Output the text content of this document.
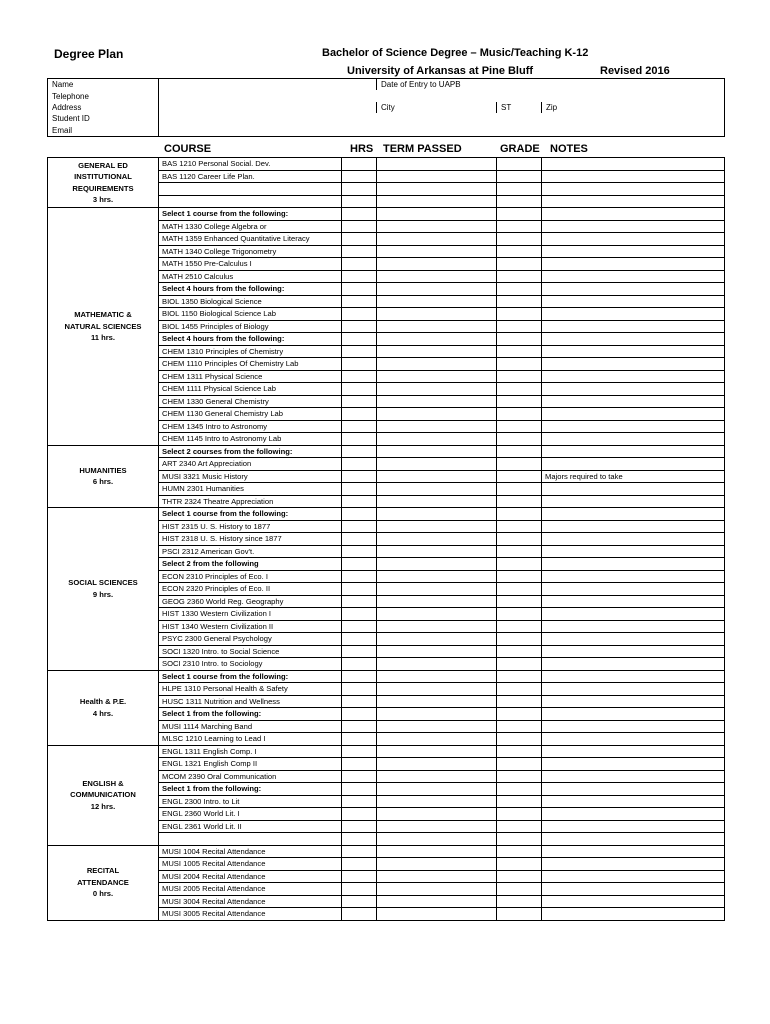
Degree Plan	Bachelor of Science Degree – Music/Teaching K-12
University of Arkansas at Pine Bluff	Revised 2016
Name		Date of Entry to UAPB		
Telephone				
Address		City	ST	Zip
Student ID				
Email				
COURSE	HRS TERM PASSED	GRADE NOTES
GENERAL ED
INSTITUTIONAL
REQUIREMENTS
3 hrs.	BAS 1210 Personal Social. Dev.				
	BAS 1120 Career Life Plan.				

MATHEMATIC &
NATURAL SCIENCES
11 hrs.	Select 1 course from the following:				
	MATH 1330 College Algebra or				
	MATH 1359 Enhanced Quantitative Literacy				
	MATH 1340 College Trigonometry				
	MATH 1550 Pre-Calculus I				
	MATH 2510 Calculus				
	Select 4 hours from the following:				
	BIOL 1350 Biological Science				
	BIOL 1150 Biological Science Lab				
	BIOL 1455 Principles of Biology				
	Select 4 hours from the following:				
	CHEM 1310 Principles of Chemistry				
	CHEM 1110 Principles Of Chemistry Lab				
	CHEM 1311 Physical Science				
	CHEM 1111 Physical Science Lab				
	CHEM 1330 General Chemistry				
	CHEM 1130 General Chemistry Lab				
	CHEM 1345 Intro to Astronomy				
	CHEM 1145 Intro to Astronomy Lab				

HUMANITIES
6 hrs.	Select 2 courses from the following:				
	ART 2340 Art Appreciation				
	MUSI 3321 Music History				Majors required to take
	HUMN 2301 Humanities				
	THTR 2324 Theatre Appreciation				

SOCIAL SCIENCES
9 hrs.	Select 1 course from the following:				
	HIST 2315 U. S. History to 1877				
	HIST 2318 U. S. History since 1877				
	PSCI 2312 American Gov't.				
	Select 2 from the following				
	ECON 2310 Principles of Eco. I				
	ECON 2320 Principles of Eco. II				
	GEOG 2360 World Reg. Geography				
	HIST 1330 Western Civilization I				
	HIST 1340 Western Civilization II				
	PSYC 2300 General Psychology				
	SOCI 1320 Intro. to Social Science				
	SOCI 2310 Intro. to Sociology				

Health & P.E.
4 hrs.	Select 1 course from the following:				
	HLPE 1310 Personal Health & Safety				
	HUSC 1311 Nutrition and Wellness				
	Select 1 from the following:				
	MUSI 1114 Marching Band				
	MLSC 1210 Learning to Lead I				

ENGLISH &
COMMUNICATION
12 hrs.	ENGL 1311 English Comp. I				
	ENGL 1321 English Comp II				
	MCOM 2390 Oral Communication				
	Select 1 from the following:				
	ENGL 2300 Intro. to Lit				
	ENGL 2360 World Lit. I				
	ENGL 2361 World Lit. II				

RECITAL
ATTENDANCE
0 hrs.	MUSI 1004 Recital Attendance				
	MUSI 1005 Recital Attendance				
	MUSI 2004 Recital Attendance				
	MUSI 2005 Recital Attendance				
	MUSI 3004 Recital Attendance				
	MUSI 3005 Recital Attendance				
